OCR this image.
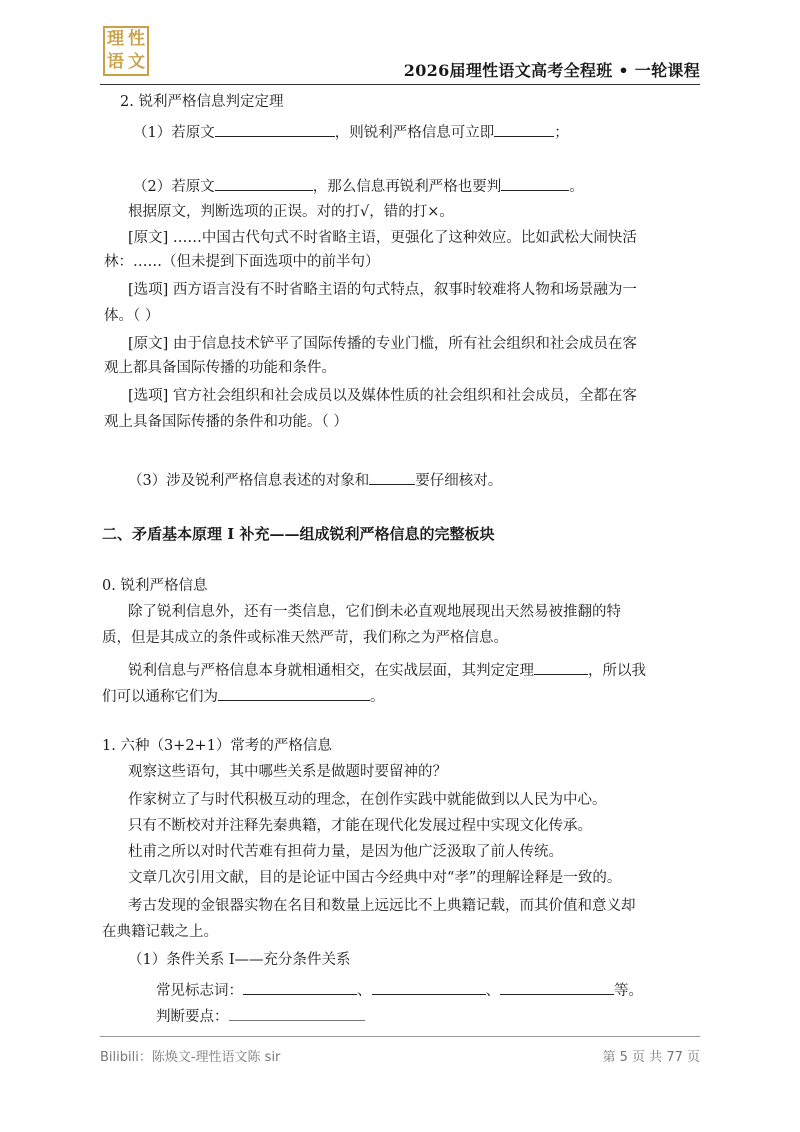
理 性
语 文	2026届理性语文高考全程班 • 一轮课程
2. 锐利严格信息判定定理
（1）若原文	，则锐利严格信息可立即	；
（2）若原文	，那么信息再锐利严格也要判	。
根据原文，判断选项的正误。对的打√，错的打×。
[原文] ……中国古代句式不时省略主语，更强化了这种效应。比如武松大闹快活
林：……（但未提到下面选项中的前半句）
[选项] 西方语言没有不时省略主语的句式特点，叙事时较难将人物和场景融为一
体。（ ）
[原文] 由于信息技术铲平了国际传播的专业门槛，所有社会组织和社会成员在客
观上都具备国际传播的功能和条件。
[选项] 官方社会组织和社会成员以及媒体性质的社会组织和社会成员，全都在客
观上具备国际传播的条件和功能。（ ）
（3）涉及锐利严格信息表述的对象和	要仔细核对。
二、矛盾基本原理 I 补充——组成锐利严格信息的完整板块
0. 锐利严格信息
除了锐利信息外，还有一类信息，它们倒未必直观地展现出天然易被推翻的特
质，但是其成立的条件或标准天然严苛，我们称之为严格信息。
锐利信息与严格信息本身就相通相交，在实战层面，其判定定理	，所以我
们可以通称它们为	。
1. 六种（3+2+1）常考的严格信息
观察这些语句，其中哪些关系是做题时要留神的？
作家树立了与时代积极互动的理念，在创作实践中就能做到以人民为中心。
只有不断校对并注释先秦典籍，才能在现代化发展过程中实现文化传承。
杜甫之所以对时代苦难有担荷力量，是因为他广泛汲取了前人传统。
文章几次引用文献，目的是论证中国古今经典中对“孝”的理解诠释是一致的。
考古发现的金银器实物在名目和数量上远远比不上典籍记载，而其价值和意义却
在典籍记载之上。
（1）条件关系 I——充分条件关系
常见标志词：	、	、	等。
判断要点：
Bilibili：陈焕文-理性语文陈 sir	第 5 页 共 77 页
